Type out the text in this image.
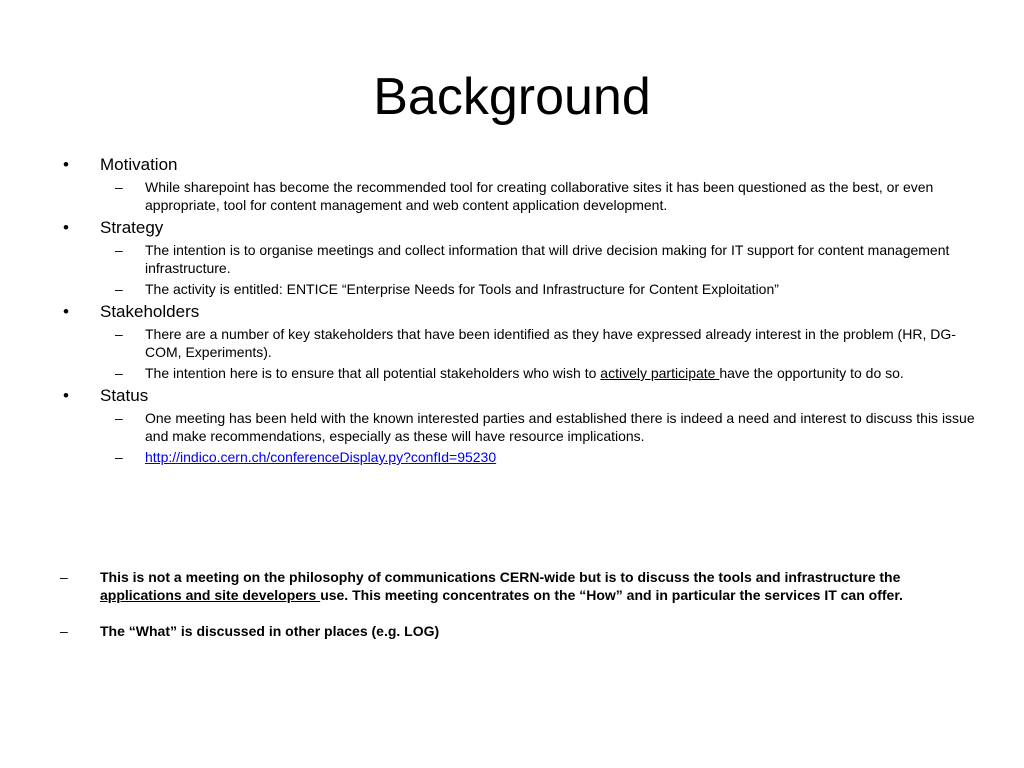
Background
• Motivation
– While sharepoint has become the recommended tool for creating collaborative sites it has been questioned as the best, or even appropriate, tool for content management and web content application development.
• Strategy
– The intention is to organise meetings and collect information that will drive decision making for IT support for content management infrastructure.
– The activity is entitled: ENTICE “Enterprise Needs for Tools and Infrastructure for Content Exploitation”
• Stakeholders
– There are a number of key stakeholders that have been identified as they have expressed already interest in the problem (HR, DG-COM, Experiments).
– The intention here is to ensure that all potential stakeholders who wish to actively participate have the opportunity to do so.
• Status
– One meeting has been held with the known interested parties and established there is indeed a need and interest to discuss this issue and make recommendations, especially as these will have resource implications.
– http://indico.cern.ch/conferenceDisplay.py?confId=95230
– This is not a meeting on the philosophy of communications CERN-wide but is to discuss the tools and infrastructure the applications and site developers use. This meeting concentrates on the “How” and in particular the services IT can offer.
– The “What” is discussed in other places (e.g. LOG)
